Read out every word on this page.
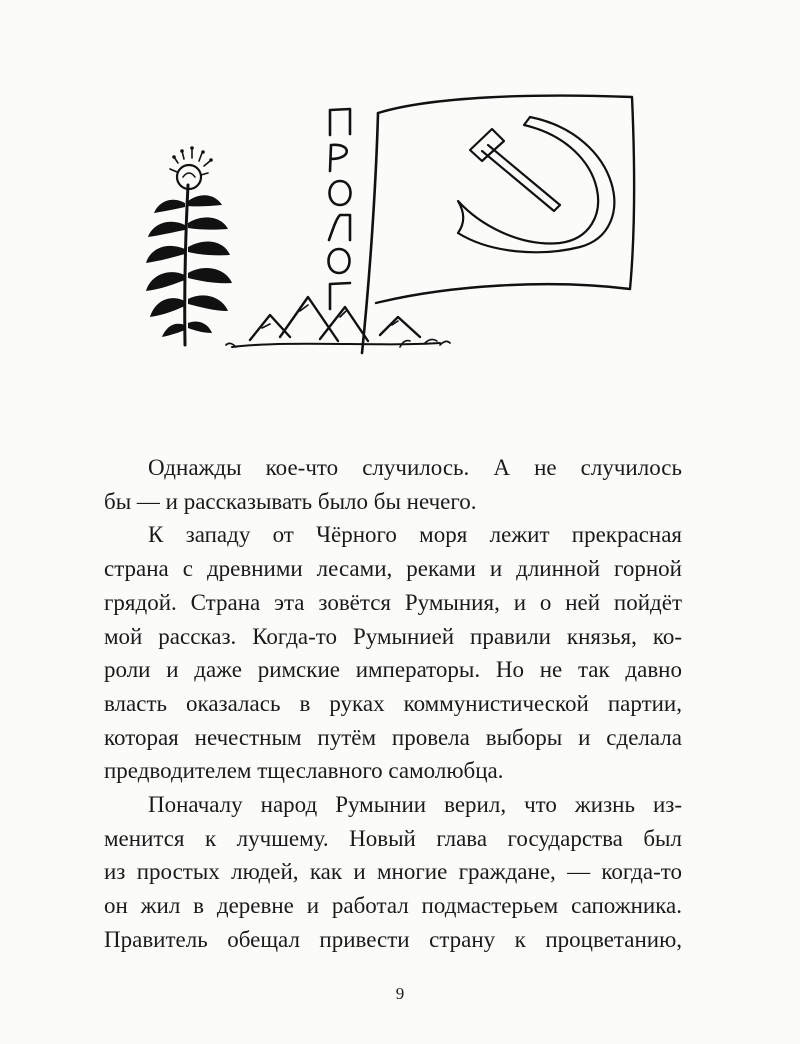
Однажды кое-что случилось. А не случилось
бы — и рассказывать было бы нечего.

К западу от Чёрного моря лежит прекрасная
страна с древними лесами, реками и длинной горной
грядой. Страна эта зовётся Румыния, и о ней пойдёт
мой рассказ. Когда-то Румынией правили князья, ко-
роли и даже римские императоры. Но не так давно
власть оказалась в руках коммунистической партии,
которая нечестным путём провела выборы и сделала
предводителем тщеславного самолюбца.

Поначалу народ Румынии верил, что жизнь из-
менится к лучшему. Новый глава государства был
из простых людей, как и многие граждане, — когда-то
он жил в деревне и работал подмастерьем сапожника.
Правитель обещал привести страну к процветанию,

9
